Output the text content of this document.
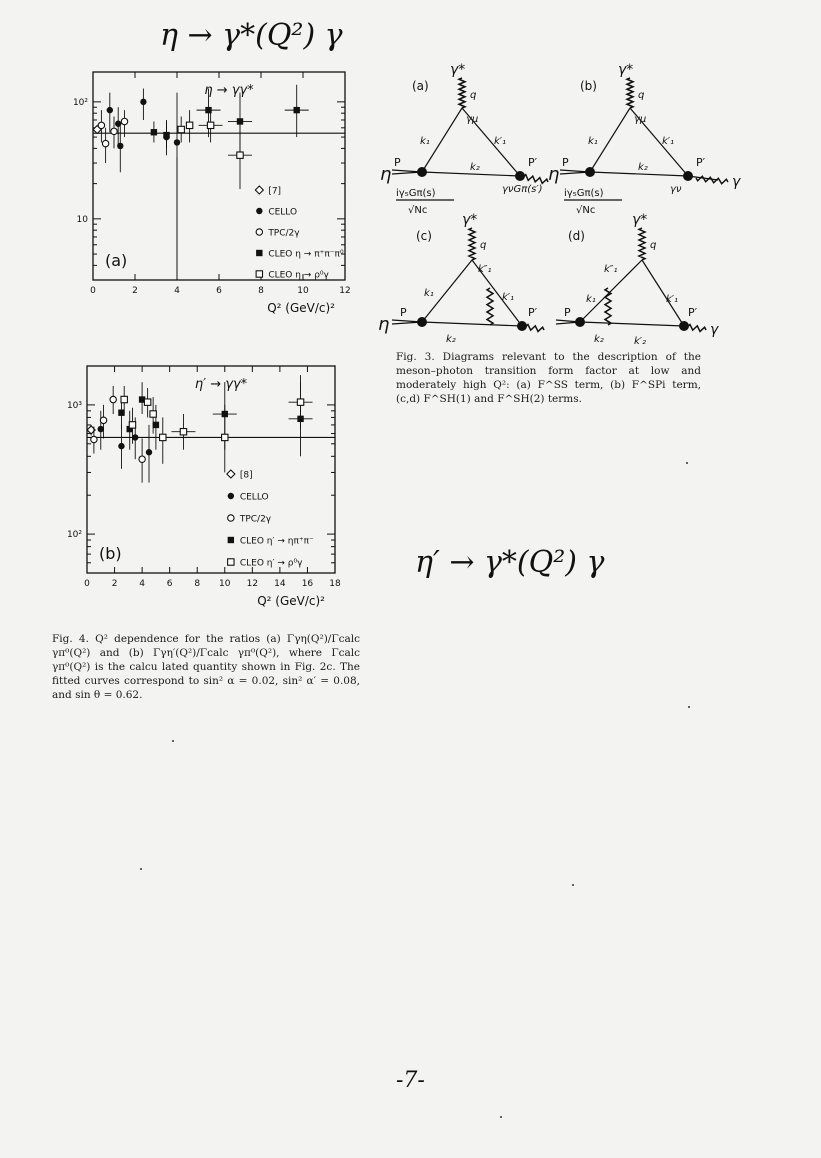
η → γ*(Q²) γ
η′ → γ*(Q²) γ
0	2	4	6	8	10	12
10²
10
η → γγ*
[7]
CELLO
TPC/2γ
CLEO η → π⁺π⁻π⁰
CLEO η → ρ⁰γ
(a)
Q² (GeV/c)²
0 2 4 6 8 10 12 14 16 18
10³
10²
η′ → γγ*
[8]
CELLO
TPC/2γ
CLEO η′ → ηπ⁺π⁻
CLEO η′ → ρ⁰γ
(b)
Q² (GeV/c)²
(a)
γ*
q
k₁	k′₁
k₂
γμ
P	P′
η
iγ₅Gπ(s)
√Nc
γνGπ(s′)
(b)
γ*
q
k₁	k′₁
k₂
γμ
P	P′
η
iγ₅Gπ(s)
√Nc
γν	γ
(c)
γ*
q
k″₁
k′₁
k₁
k₂
P	P′
η
(d)
γ*
q
k″₁
k₁	k′₁
k₂	k′₂
P	P′
γ
Fig. 3. Diagrams relevant to the description of the meson–photon transition form factor at low and moderately high Q²: (a) F^SS term, (b) F^SPi term, (c,d) F^SH(1) and F^SH(2) terms.
Fig. 4. Q² dependence for the ratios (a) Γγη(Q²)/Γcalc γπ⁰(Q²) and (b) Γγη′(Q²)/Γcalc γπ⁰(Q²), where Γcalc γπ⁰(Q²) is the calcu lated quantity shown in Fig. 2c. The fitted curves correspond to sin² α = 0.02, sin² α′ = 0.08, and sin θ = 0.62.
-7-
